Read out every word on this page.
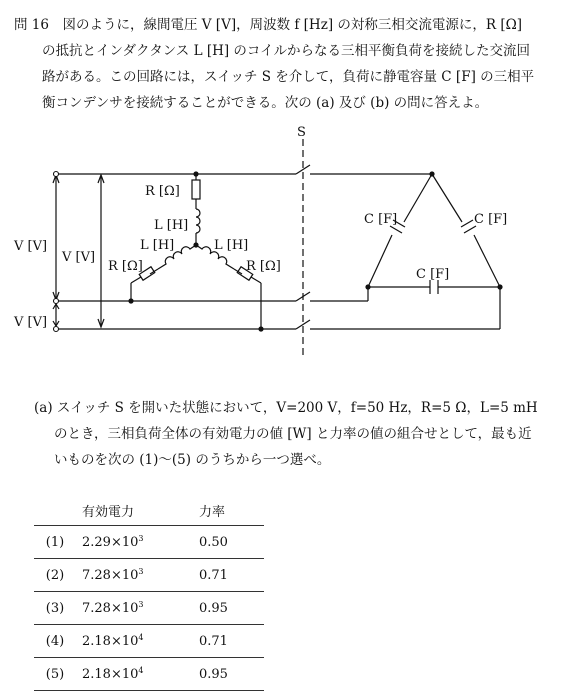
問 16　図のように，線間電圧 V [V]，周波数 f [Hz] の対称三相交流電源に，R [Ω]
の抵抗とインダクタンス L [H] のコイルからなる三相平衡負荷を接続した交流回
路がある。この回路には，スイッチ S を介して，負荷に静電容量 C [F] の三相平
衡コンデンサを接続することができる。次の (a) 及び (b) の問に答えよ。
S
R [Ω]
L [H]
L [H]	L [H]
R [Ω]	R [Ω]
C [F]	C [F]
C [F]
V [V]
V [V]
V [V]
(a) スイッチ S を開いた状態において，V=200 V，f=50 Hz，R=5 Ω，L=5 mH
のとき，三相負荷全体の有効電力の値 [W] と力率の値の組合せとして，最も近
いものを次の (1)～(5) のうちから一つ選べ。
	有効電力	力率
(1)	$2.29\times 10^3$	0.50
(2)	$7.28\times 10^3$	0.71
(3)	$7.28\times 10^3$	0.95
(4)	$2.18\times 10^4$	0.71
(5)	$2.18\times 10^4$	0.95
